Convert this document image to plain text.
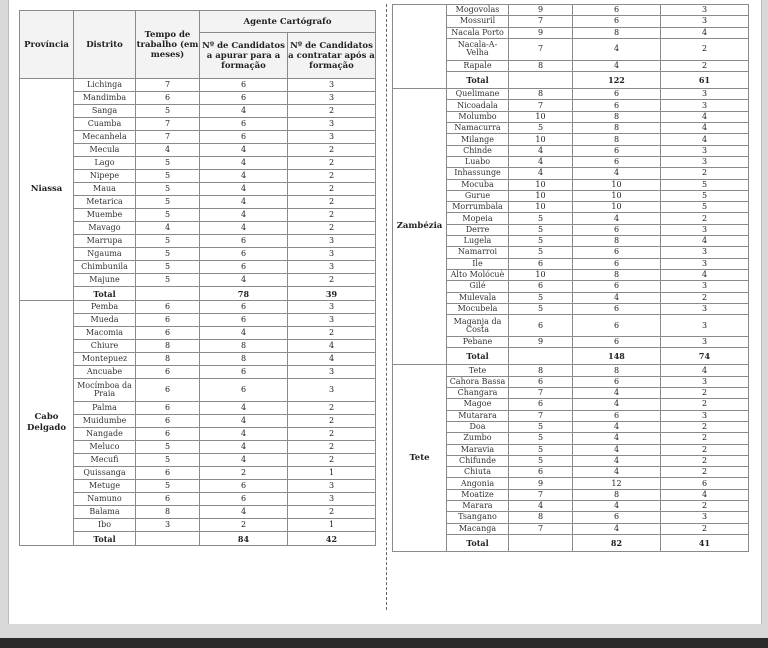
Província	Distrito	Tempo de trabalho (em meses)	Agente Cartógrafo	
			Nº de Candidatos a apurar para a formação	Nº de Candidatos a contratar após a formação
Niassa	Lichinga	7	6	3
	Mandimba	6	6	3
	Sanga	5	4	2
	Cuamba	7	6	3
	Mecanhela	7	6	3
	Mecula	4	4	2
	Lago	5	4	2
	Nipepe	5	4	2
	Maua	5	4	2
	Metarica	5	4	2
	Muembe	5	4	2
	Mavago	4	4	2
	Marrupa	5	6	3
	Ngauma	5	6	3
	Chimbunila	5	6	3
	Majune	5	4	2
	Total		78	39
Cabo Delgado	Pemba	6	6	3
	Mueda	6	6	3
	Macomia	6	4	2
	Chiure	8	8	4
	Montepuez	8	8	4
	Ancuabe	6	6	3
	Mocímboa da Praia	6	6	3
	Palma	6	4	2
	Muidumbe	6	4	2
	Nangade	6	4	2
	Meluco	5	4	2
	Mecufi	5	4	2
	Quissanga	6	2	1
	Metuge	5	6	3
	Namuno	6	6	3
	Balama	8	4	2
	Ibo	3	2	1
	Total		84	42
	Mogovolas	9	6	3
	Mossuril	7	6	3
	Nacala Porto	9	8	4
	Nacala-A-Velha	7	4	2
	Rapale	8	4	2
	Total		122	61
Zambézia	Quelimane	8	6	3
	Nicoadala	7	6	3
	Molumbo	10	8	4
	Namacurra	5	8	4
	Milange	10	8	4
	Chinde	4	6	3
	Luabo	4	6	3
	Inhassunge	4	4	2
	Mocuba	10	10	5
	Gurue	10	10	5
	Morrumbala	10	10	5
	Mopeia	5	4	2
	Derre	5	6	3
	Lugela	5	8	4
	Namarroi	5	6	3
	Ile	6	6	3
	Alto Molócuè	10	8	4
	Gilé	6	6	3
	Mulevala	5	4	2
	Mocubela	5	6	3
	Maganja da Costa	6	6	3
	Pebane	9	6	3
	Total		148	74
Tete	Tete	8	8	4
	Cahora Bassa	6	6	3
	Changara	7	4	2
	Magoe	6	4	2
	Mutarara	7	6	3
	Doa	5	4	2
	Zumbo	5	4	2
	Maravia	5	4	2
	Chifunde	5	4	2
	Chiuta	6	4	2
	Angonia	9	12	6
	Moatize	7	8	4
	Marara	4	4	2
	Tsangano	8	6	3
	Macanga	7	4	2
	Total		82	41
